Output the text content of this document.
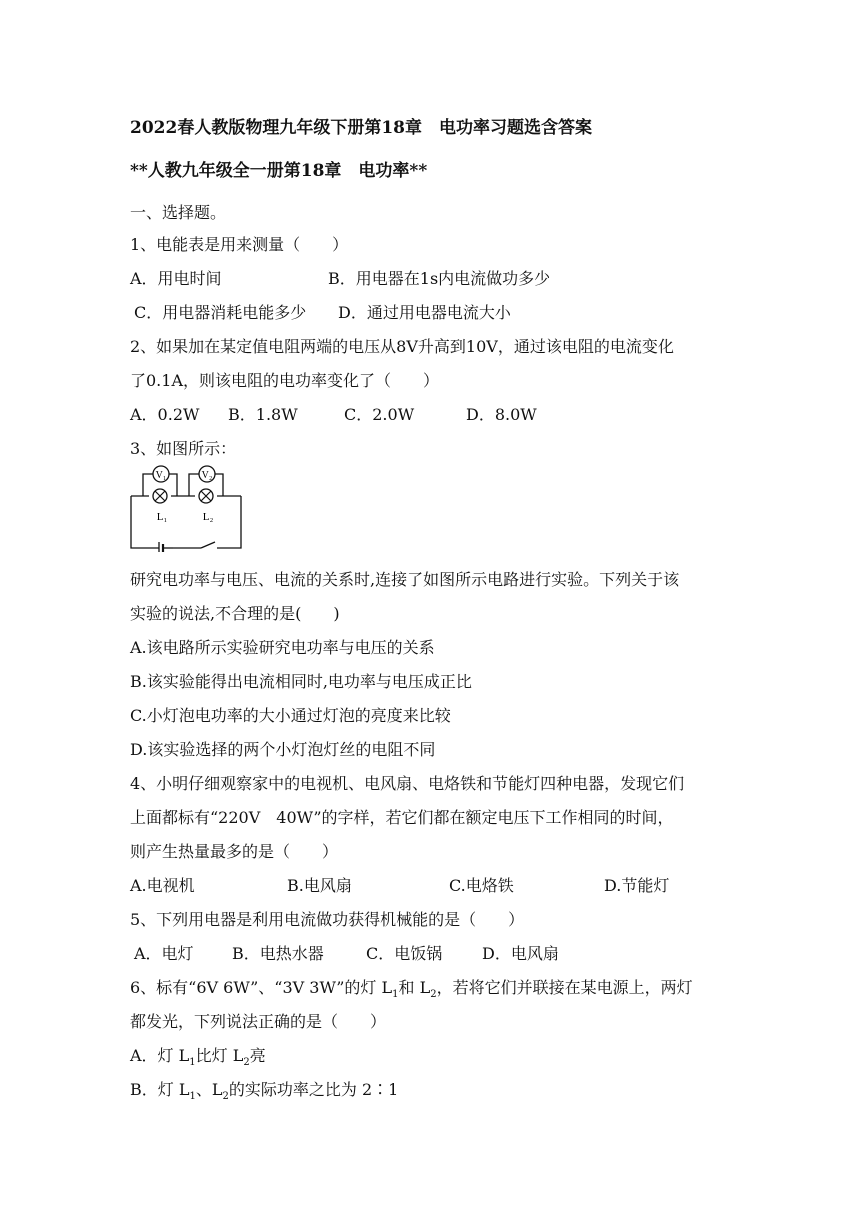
2022春人教版物理九年级下册第18章　电功率习题选含答案
**人教九年级全一册第18章　电功率**
一、选择题。
1、电能表是用来测量（　　）
A．用电时间	B．用电器在1s内电流做功多少
C．用电器消耗电能多少 D．通过用电器电流大小
2、如果加在某定值电阻两端的电压从8V升高到10V，通过该电阻的电流变化
了0.1A，则该电阻的电功率变化了（　　）
A．0.2W B．1.8W	C．2.0W	D．8.0W
3、如图所示：
V₁	V₂
L₁	L₂
研究电功率与电压、电流的关系时,连接了如图所示电路进行实验。下列关于该
实验的说法,不合理的是(　　)
A.该电路所示实验研究电功率与电压的关系
B.该实验能得出电流相同时,电功率与电压成正比
C.小灯泡电功率的大小通过灯泡的亮度来比较
D.该实验选择的两个小灯泡灯丝的电阻不同
4、小明仔细观察家中的电视机、电风扇、电烙铁和节能灯四种电器，发现它们
上面都标有“220V　40W”的字样，若它们都在额定电压下工作相同的时间，
则产生热量最多的是（　　）
A.电视机	B.电风扇	C.电烙铁	D.节能灯
5、下列用电器是利用电流做功获得机械能的是（　　）
A．电灯 B．电热水器	C．电饭锅 D．电风扇
6、标有“6V 6W”、“3V 3W”的灯 $L_1$和 $L_2$，若将它们并联接在某电源上，两灯
都发光，下列说法正确的是（　　）
A．灯 $L_1$比灯 $L_2$亮
B．灯 $L_1$、$L_2$的实际功率之比为 2∶1
